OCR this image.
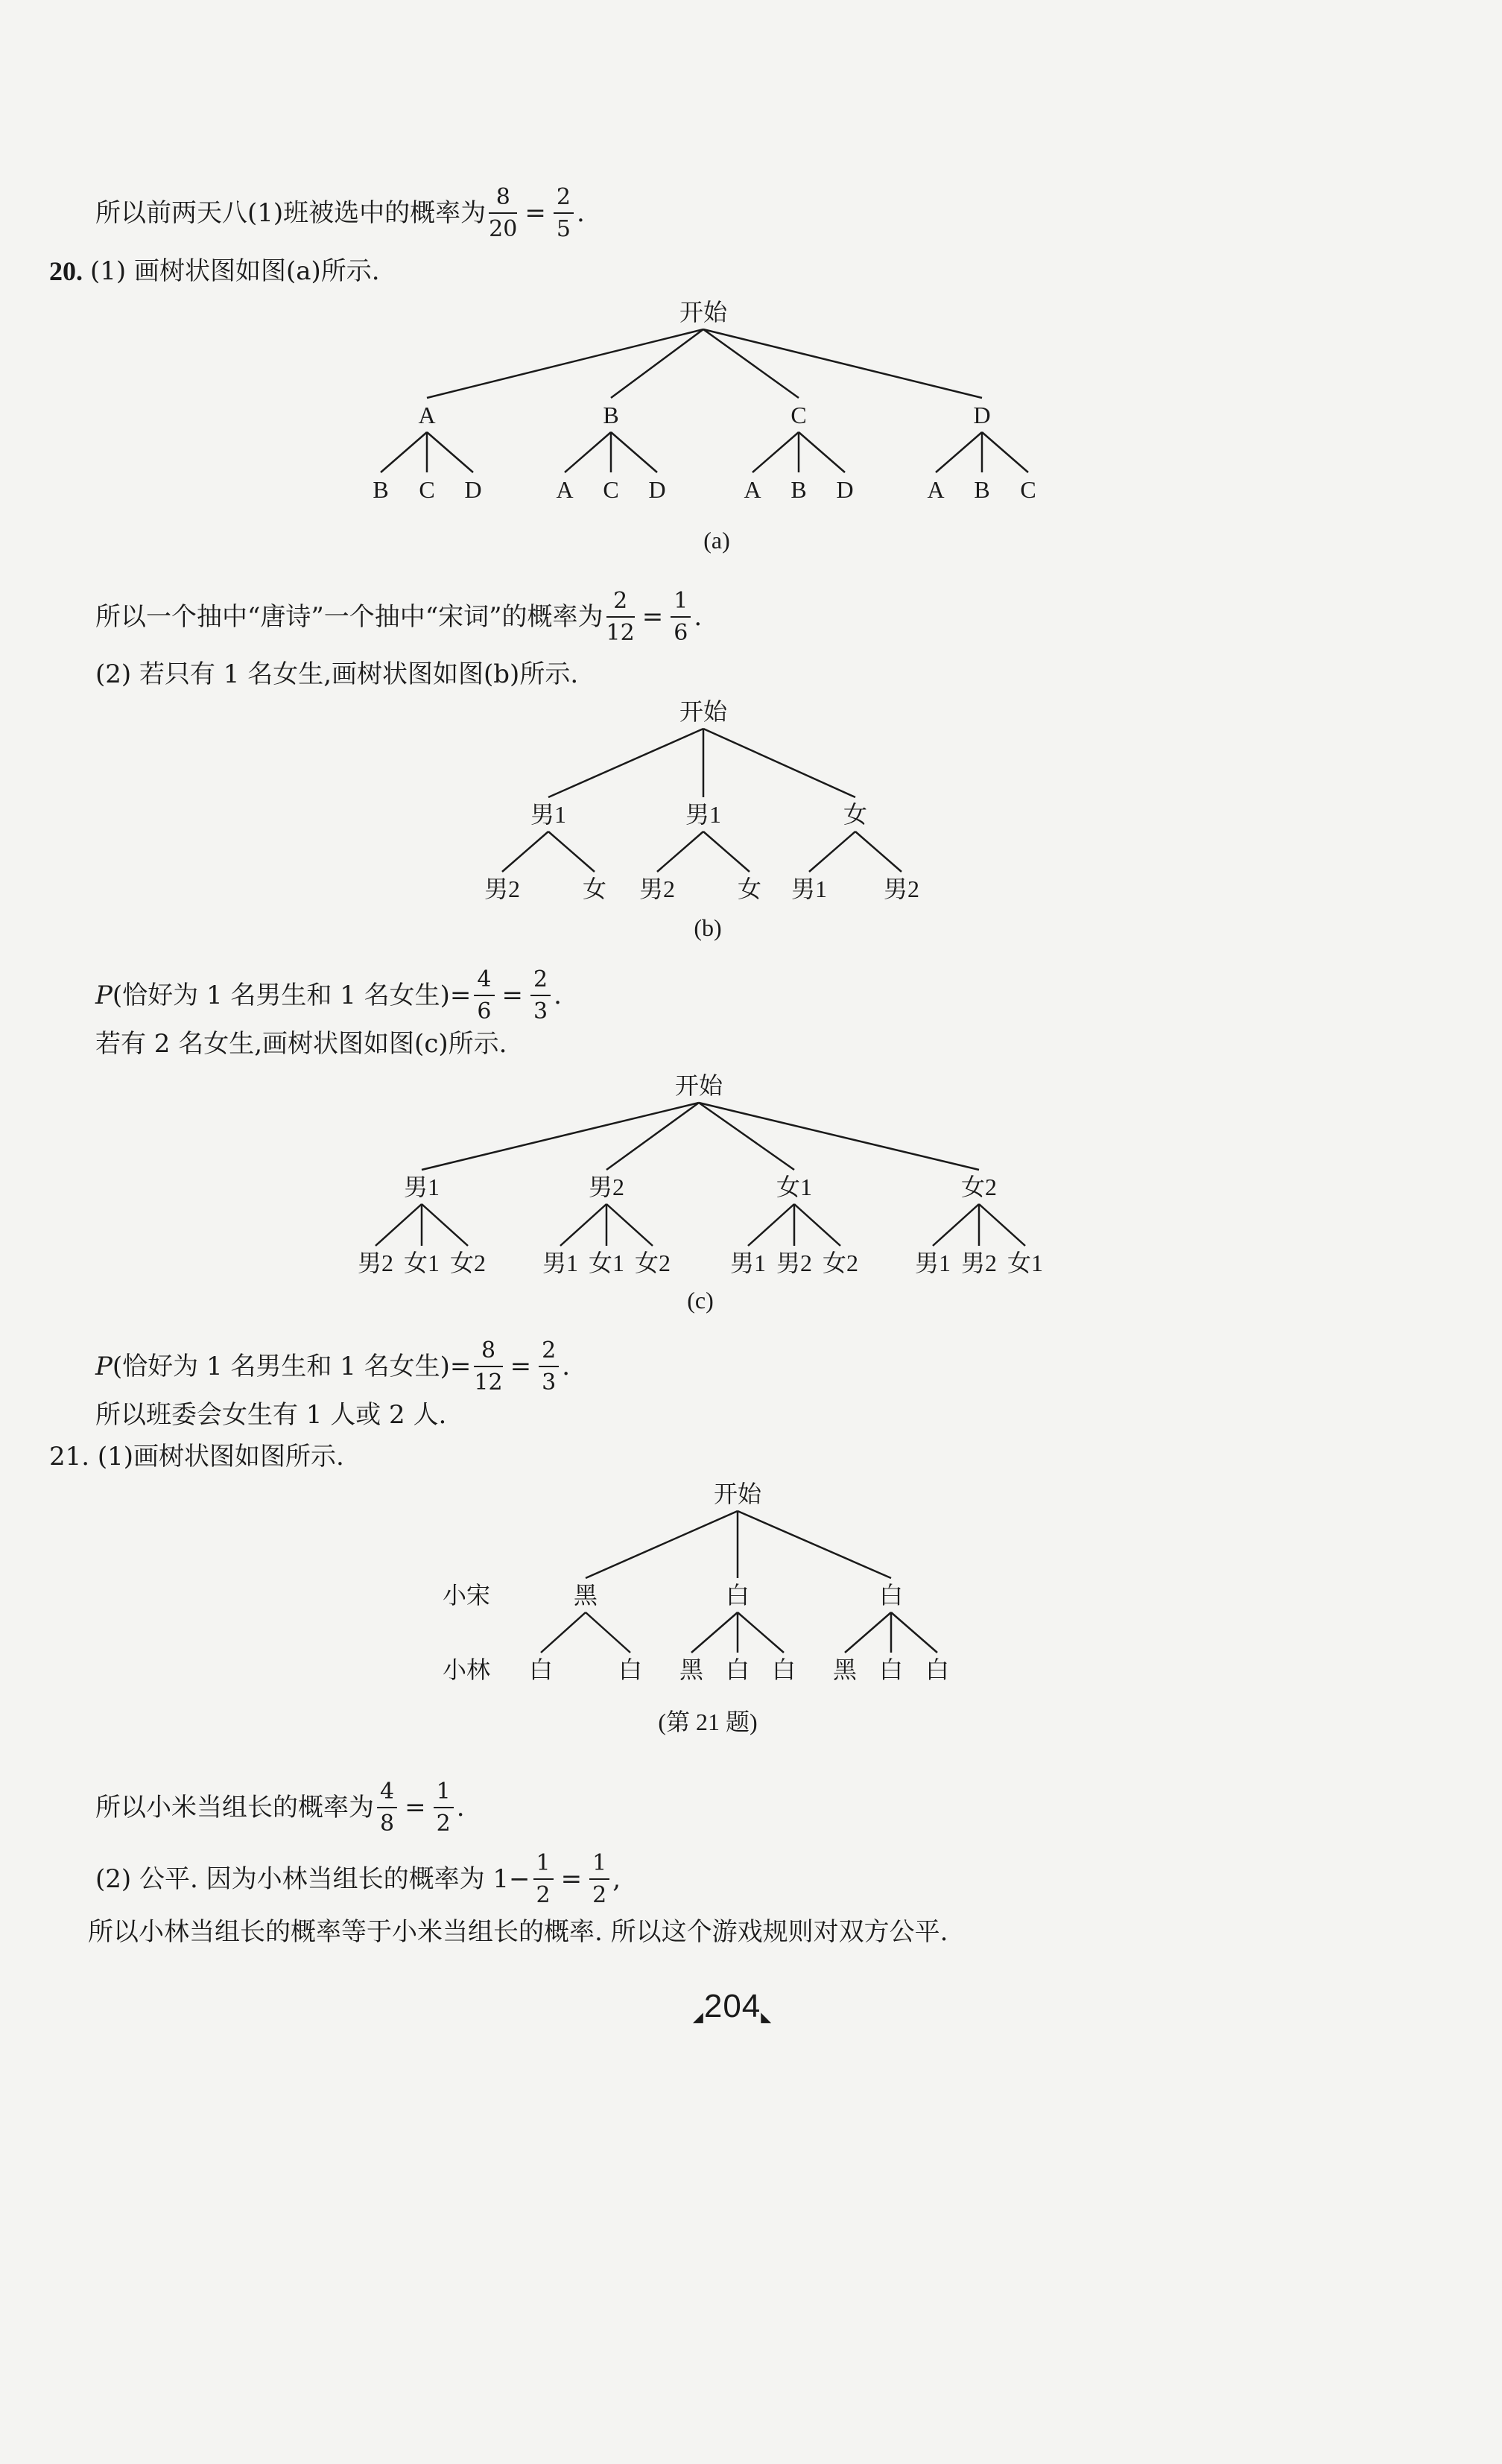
所以前两天八(1)班被选中的概率为 $\frac{8}{20} = \frac{2}{5}$ .
20. (1) 画树状图如图(a)所示.
开始
A
B C D
B
A C D
C
A B D
D
A B C
(a)
开始
男1
男2	女
男1
男2	女
女
男1 男2
(b)
开始
男1
男2 女1 女2
男2
男1 女1 女2
女1
男1 男2 女2
女2
男1 男2 女1
(c)
开始
黑
白	白
白
黑 白 白
白
黑 白 白
(第 21 题)
小宋
小林
所以一个抽中“唐诗”一个抽中“宋词”的概率为 $\frac{2}{12} = \frac{1}{6}$ .
(2) 若只有 1 名女生,画树状图如图(b)所示.
P (恰好为 1 名男生和 1 名女生)= $\frac{4}{6} = \frac{2}{3}$ .
若有 2 名女生,画树状图如图(c)所示.
P (恰好为 1 名男生和 1 名女生)= $\frac{8}{12} = \frac{2}{3}$ .
所以班委会女生有 1 人或 2 人.
21. (1)画树状图如图所示.
所以小米当组长的概率为 $\frac{4}{8} = \frac{1}{2}$ .
(2) 公平. 因为小林当组长的概率为 $1- \frac{1}{2} = \frac{1}{2}$ ,
所以小林当组长的概率等于小米当组长的概率. 所以这个游戏规则对双方公平.
◢204◣
